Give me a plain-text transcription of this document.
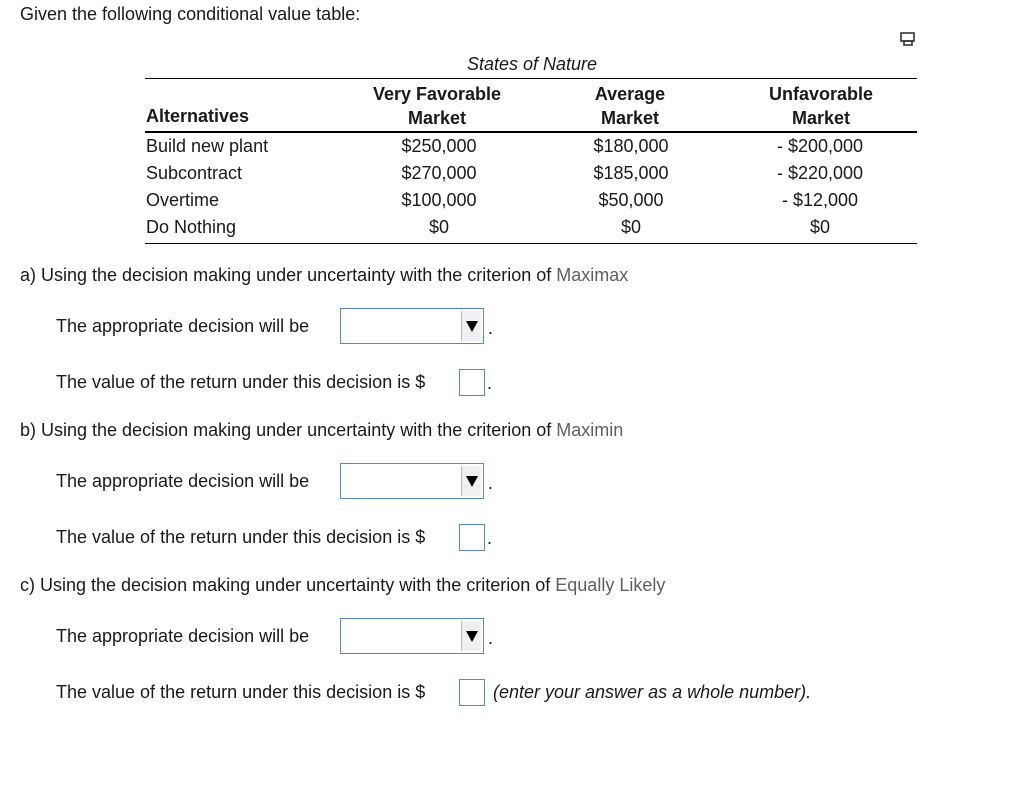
Given the following conditional value table:
States of Nature
Very Favorable
Market
Average
Market
Unfavorable
Market
Alternatives
Build new plant	$250,000	$180,000	- $200,000
Subcontract	$270,000	$185,000	- $220,000
Overtime	$100,000	$50,000	- $12,000
Do Nothing	$0	$0	$0
a) Using the decision making under uncertainty with the criterion of Maximax
The appropriate decision will be	.
The value of the return under this decision is $	.
b) Using the decision making under uncertainty with the criterion of Maximin
The appropriate decision will be	.
The value of the return under this decision is $	.
c) Using the decision making under uncertainty with the criterion of Equally Likely
The appropriate decision will be	.
The value of the return under this decision is $	(enter your answer as a whole number).
